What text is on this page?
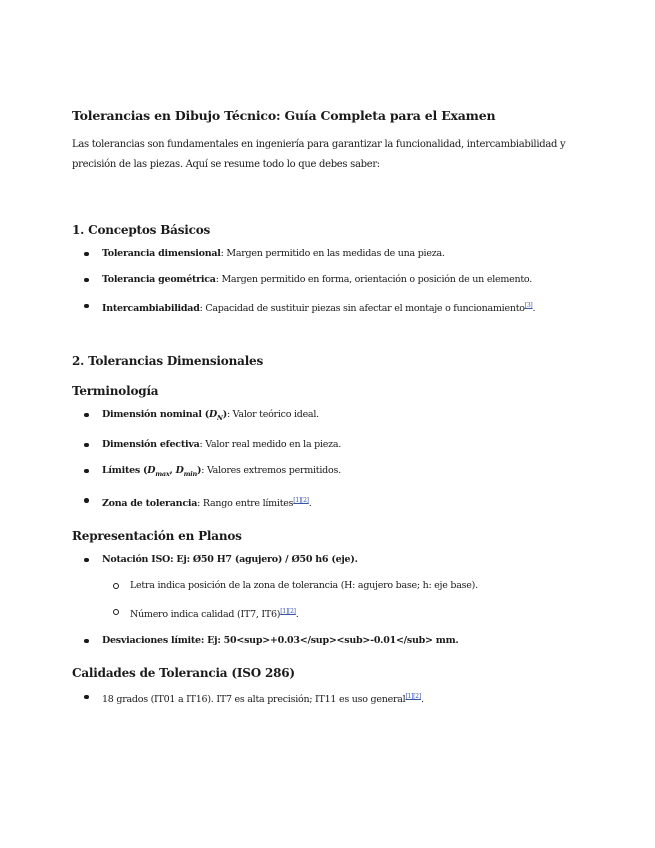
Tolerancias en Dibujo Técnico: Guía Completa para el Examen

Las tolerancias son fundamentales en ingeniería para garantizar la funcionalidad, intercambiabilidad y precisión de las piezas. Aquí se resume todo lo que debes saber:

1. Conceptos Básicos
Tolerancia dimensional: Margen permitido en las medidas de una pieza.
Tolerancia geométrica: Margen permitido en forma, orientación o posición de un elemento.
Intercambiabilidad: Capacidad de sustituir piezas sin afectar el montaje o funcionamiento[3].
2. Tolerancias Dimensionales
Terminología
Dimensión nominal $(D_N)$: Valor teórico ideal.
Dimensión efectiva: Valor real medido en la pieza.
Límites ($D_{max}$, $D_{min}$): Valores extremos permitidos.
Zona de tolerancia: Rango entre límites[1][2].
Representación en Planos
Notación ISO: Ej: Ø50 H7 (agujero) / Ø50 h6 (eje).
Letra indica posición de la zona de tolerancia (H: agujero base; h: eje base).
Número indica calidad (IT7, IT6)[1][2].
Desviaciones límite: Ej: 50<sup>+0.03</sup><sub>-0.01</sub> mm.
Calidades de Tolerancia (ISO 286)
18 grados (IT01 a IT16). IT7 es alta precisión; IT11 es uso general[1][2].
